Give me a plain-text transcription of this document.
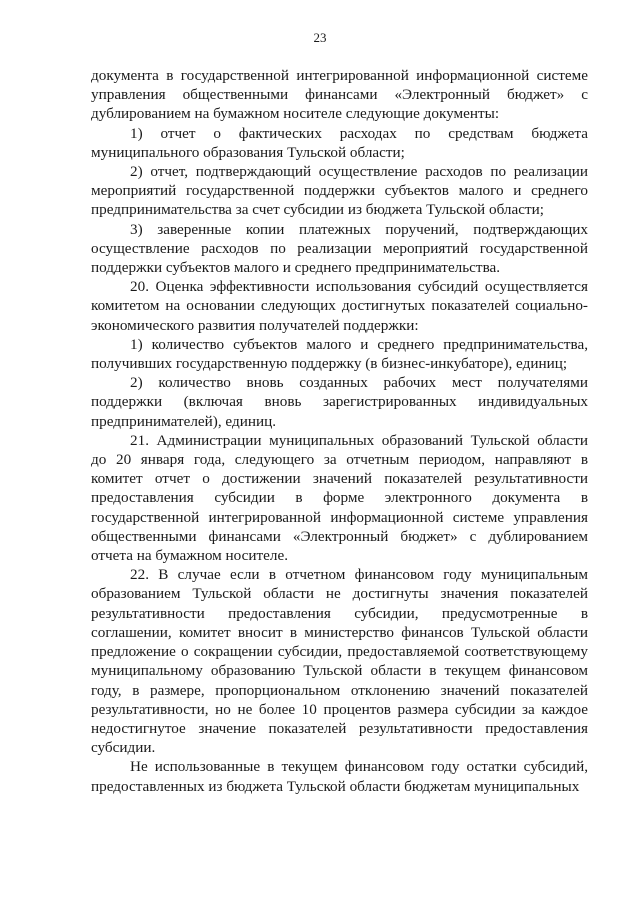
23

документа в государственной интегрированной информационной системе управления общественными финансами «Электронный бюджет» с дублированием на бумажном носителе следующие документы:

1) отчет о фактических расходах по средствам бюджета муниципального образования Тульской области;

2) отчет, подтверждающий осуществление расходов по реализации мероприятий государственной поддержки субъектов малого и среднего предпринимательства за счет субсидии из бюджета Тульской области;

3) заверенные копии платежных поручений, подтверждающих осуществление расходов по реализации мероприятий государственной поддержки субъектов малого и среднего предпринимательства.

20. Оценка эффективности использования субсидий осуществляется комитетом на основании следующих достигнутых показателей социально-экономического развития получателей поддержки:

1) количество субъектов малого и среднего предпринимательства, получивших государственную поддержку (в бизнес-инкубаторе), единиц;

2) количество вновь созданных рабочих мест получателями поддержки (включая вновь зарегистрированных индивидуальных предпринимателей), единиц.

21. Администрации муниципальных образований Тульской области до 20 января года, следующего за отчетным периодом, направляют в комитет отчет о достижении значений показателей результативности предоставления субсидии в форме электронного документа в государственной интегрированной информационной системе управления общественными финансами «Электронный бюджет» с дублированием отчета на бумажном носителе.

22. В случае если в отчетном финансовом году муниципальным образованием Тульской области не достигнуты значения показателей результативности предоставления субсидии, предусмотренные в соглашении, комитет вносит в министерство финансов Тульской области предложение о сокращении субсидии, предоставляемой соответствующему муниципальному образованию Тульской области в текущем финансовом году, в размере, пропорциональном отклонению значений показателей результативности, но не более 10 процентов размера субсидии за каждое недостигнутое значение показателей результативности предоставления субсидии.

Не использованные в текущем финансовом году остатки субсидий, предоставленных из бюджета Тульской области бюджетам муниципальных
